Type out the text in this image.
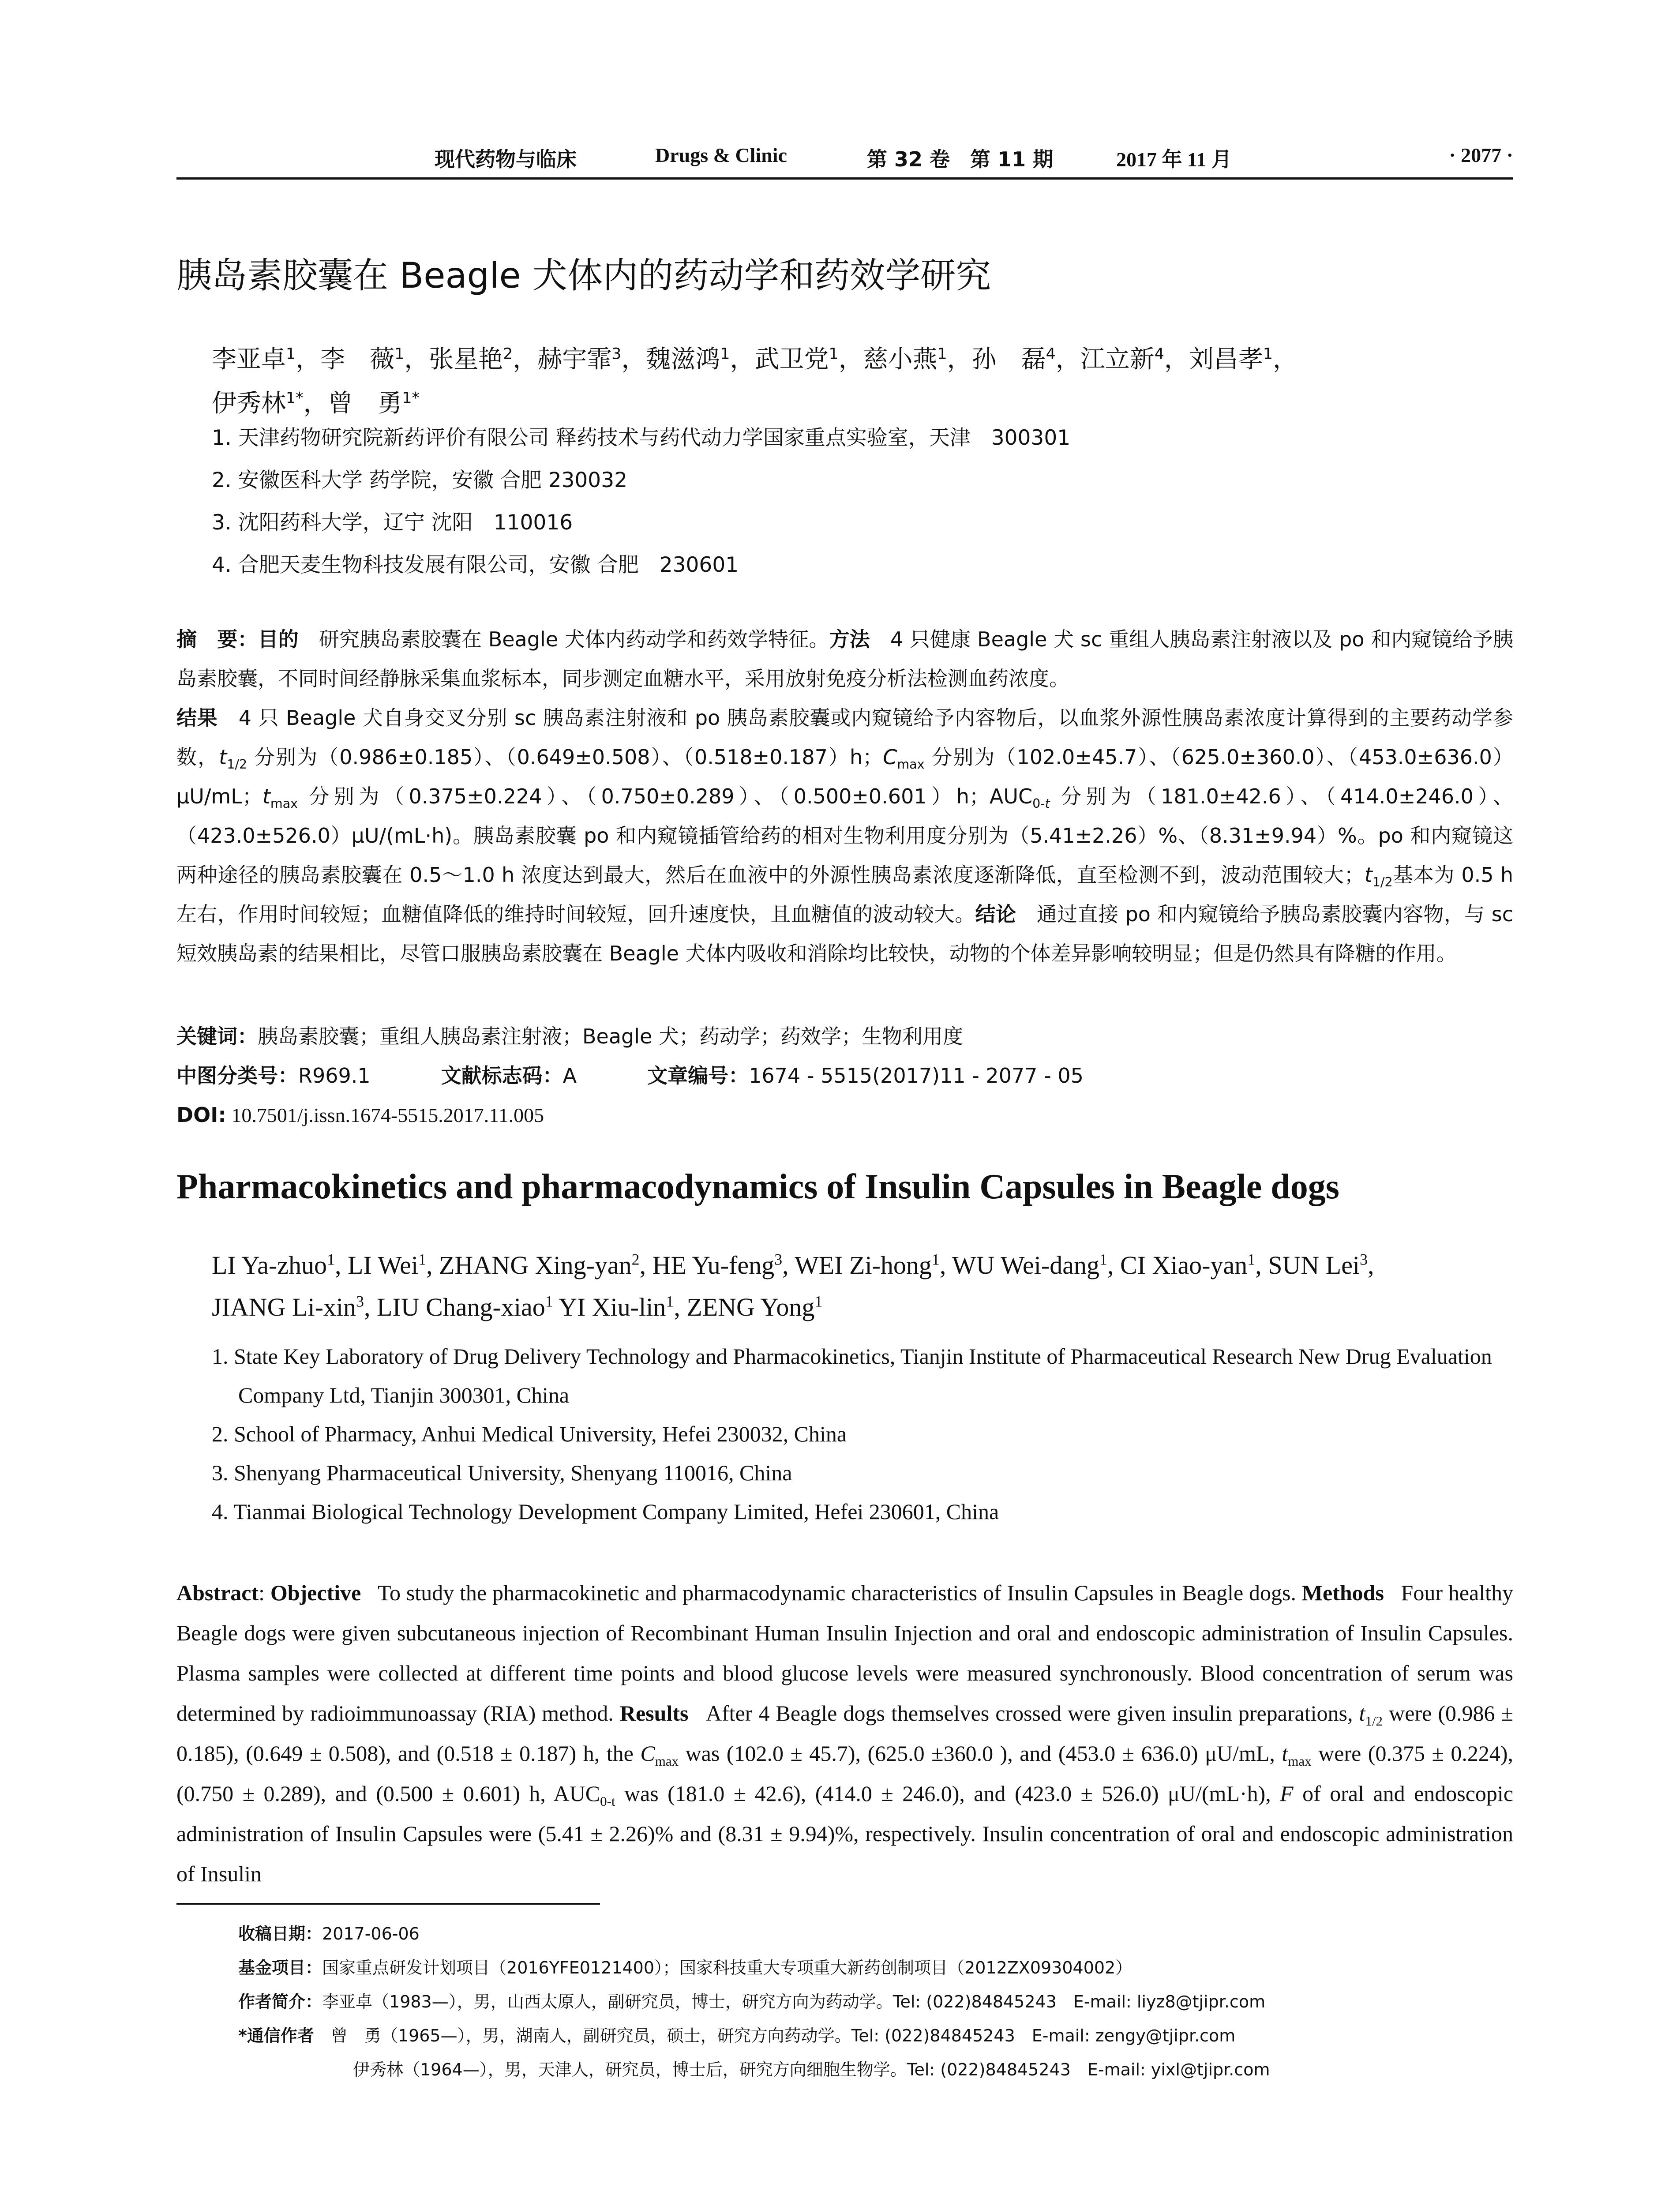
现代药物与临床	Drugs & Clinic	第 32 卷　第 11 期	2017 年 11 月	· 2077 ·
胰岛素胶囊在 Beagle 犬体内的药动学和药效学研究
李亚卓$^1$，李　薇$^1$，张星艳$^2$，赫宇霏$^3$，魏滋鸿$^1$，武卫党$^1$，慈小燕$^1$，孙　磊$^4$，江立新$^4$，刘昌孝$^1$，
伊秀林$^{1*}$，曾　勇$^{1*}$
1. 天津药物研究院新药评价有限公司 释药技术与药代动力学国家重点实验室，天津　300301
2. 安徽医科大学 药学院，安徽 合肥 230032
3. 沈阳药科大学，辽宁 沈阳　110016
4. 合肥天麦生物科技发展有限公司，安徽 合肥　230601
摘　要：目的　 研究胰岛素胶囊在 Beagle 犬体内药动学和药效学特征。方法　 4 只健康 Beagle 犬 sc 重组人胰岛素注射液以及 po 和内窥镜给予胰岛素胶囊，不同时间经静脉采集血浆标本，同步测定血糖水平，采用放射免疫分析法检测血药浓度。
结果　 4 只 Beagle 犬自身交叉分别 sc 胰岛素注射液和 po 胰岛素胶囊或内窥镜给予内容物后，以血浆外源性胰岛素浓度计算得到的主要药动学参数，$t_{1/2}$ 分别为（0.986±0.185）、（0.649±0.508）、（0.518±0.187）h；$C_{max}$ 分别为（102.0±45.7）、（625.0±360.0）、（453.0±636.0）μU/mL；$t_{max}$ 分别为（0.375±0.224）、（0.750±0.289）、（0.500±0.601）h；$AUC_{0-t}$ 分别为（181.0±42.6）、（414.0±246.0）、（423.0±526.0）μU/(mL·h)。胰岛素胶囊 po 和内窥镜插管给药的相对生物利用度分别为（5.41±2.26）%、（8.31±9.94）%。po 和内窥镜这两种途径的胰岛素胶囊在 0.5～1.0 h 浓度达到最大，然后在血液中的外源性胰岛素浓度逐渐降低，直至检测不到，波动范围较大；$t_{1/2}$基本为 0.5 h 左右，作用时间较短；血糖值降低的维持时间较短，回升速度快，且血糖值的波动较大。结论　 通过直接 po 和内窥镜给予胰岛素胶囊内容物，与 sc 短效胰岛素的结果相比，尽管口服胰岛素胶囊在 Beagle 犬体内吸收和消除均比较快，动物的个体差异影响较明显；但是仍然具有降糖的作用。
关键词：胰岛素胶囊；重组人胰岛素注射液；Beagle 犬；药动学；药效学；生物利用度
中图分类号：R969.1	文献标志码：A	文章编号：1674 - 5515(2017)11 - 2077 - 05
DOI: 10.7501/j.issn.1674-5515.2017.11.005
Pharmacokinetics and pharmacodynamics of Insulin Capsules in Beagle dogs
LI Ya-zhuo$^1$, LI Wei$^1$, ZHANG Xing-yan$^2$, HE Yu-feng$^3$, WEI Zi-hong$^1$, WU Wei-dang$^1$, CI Xiao-yan$^1$, SUN Lei$^3$,
JIANG Li-xin$^3$, LIU Chang-xiao$^1$ YI Xiu-lin$^1$, ZENG Yong$^1$
1. State Key Laboratory of Drug Delivery Technology and Pharmacokinetics, Tianjin Institute of Pharmaceutical Research New Drug Evaluation Company Ltd, Tianjin 300301, China
2. School of Pharmacy, Anhui Medical University, Hefei 230032, China
3. Shenyang Pharmaceutical University, Shenyang 110016, China
4. Tianmai Biological Technology Development Company Limited, Hefei 230601, China
Abstract: Objective To study the pharmacokinetic and pharmacodynamic characteristics of Insulin Capsules in Beagle dogs. Methods Four healthy Beagle dogs were given subcutaneous injection of Recombinant Human Insulin Injection and oral and endoscopic administration of Insulin Capsules. Plasma samples were collected at different time points and blood glucose levels were measured synchronously. Blood concentration of serum was determined by radioimmunoassay (RIA) method. Results After 4 Beagle dogs themselves crossed were given insulin preparations, $t_{1/2}$ were (0.986 ± 0.185), (0.649 ± 0.508), and (0.518 ± 0.187) h, the $C_{max}$ was (102.0 ± 45.7), (625.0 ±360.0 ), and (453.0 ± 636.0) μU/mL, $t_{max}$ were (0.375 ± 0.224), (0.750 ± 0.289), and (0.500 ± 0.601) h, $AUC_{0-t}$ was (181.0 ± 42.6), (414.0 ± 246.0), and (423.0 ± 526.0) μU/(mL·h), F of oral and endoscopic administration of Insulin Capsules were (5.41 ± 2.26)% and (8.31 ± 9.94)%, respectively. Insulin concentration of oral and endoscopic administration of Insulin
收稿日期：2017-06-06
基金项目：国家重点研发计划项目（2016YFE0121400）；国家科技重大专项重大新药创制项目（2012ZX09304002）
作者简介：李亚卓（1983—），男，山西太原人，副研究员，博士，研究方向为药动学。Tel: (022)84845243　E-mail: liyz8@tjipr.com
*通信作者　 曾　勇（1965—），男，湖南人，副研究员，硕士，研究方向药动学。Tel: (022)84845243　E-mail: zengy@tjipr.com
伊秀林（1964—），男，天津人，研究员，博士后，研究方向细胞生物学。Tel: (022)84845243　E-mail: yixl@tjipr.com
